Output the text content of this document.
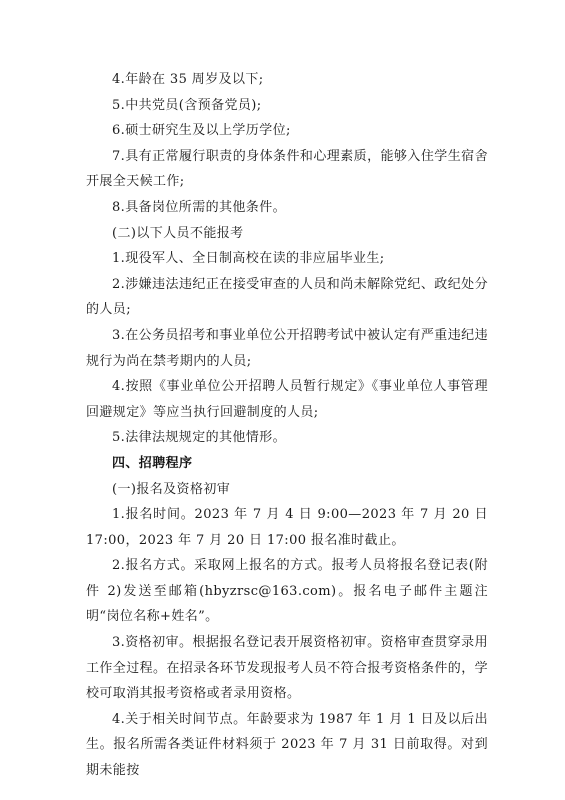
4.年龄在 35 周岁及以下;

5.中共党员(含预备党员);

6.硕士研究生及以上学历学位;

7.具有正常履行职责的身体条件和心理素质，能够入住学生宿舍开展全天候工作;

8.具备岗位所需的其他条件。

(二)以下人员不能报考

1.现役军人、全日制高校在读的非应届毕业生;

2.涉嫌违法违纪正在接受审查的人员和尚未解除党纪、政纪处分的人员;

3.在公务员招考和事业单位公开招聘考试中被认定有严重违纪违规行为尚在禁考期内的人员;

4.按照《事业单位公开招聘人员暂行规定》《事业单位人事管理回避规定》等应当执行回避制度的人员;

5.法律法规规定的其他情形。

四、招聘程序

(一)报名及资格初审

1.报名时间。2023 年 7 月 4 日 9:00—2023 年 7 月 20 日 17:00，2023 年 7 月 20 日 17:00 报名准时截止。

2.报名方式。采取网上报名的方式。报考人员将报名登记表(附件 2)发送至邮箱(hbyzrsc@163.com)。报名电子邮件主题注明“岗位名称+姓名”。

3.资格初审。根据报名登记表开展资格初审。资格审查贯穿录用工作全过程。在招录各环节发现报考人员不符合报考资格条件的，学校可取消其报考资格或者录用资格。

4.关于相关时间节点。年龄要求为 1987 年 1 月 1 日及以后出生。报名所需各类证件材料须于 2023 年 7 月 31 日前取得。对到期未能按
